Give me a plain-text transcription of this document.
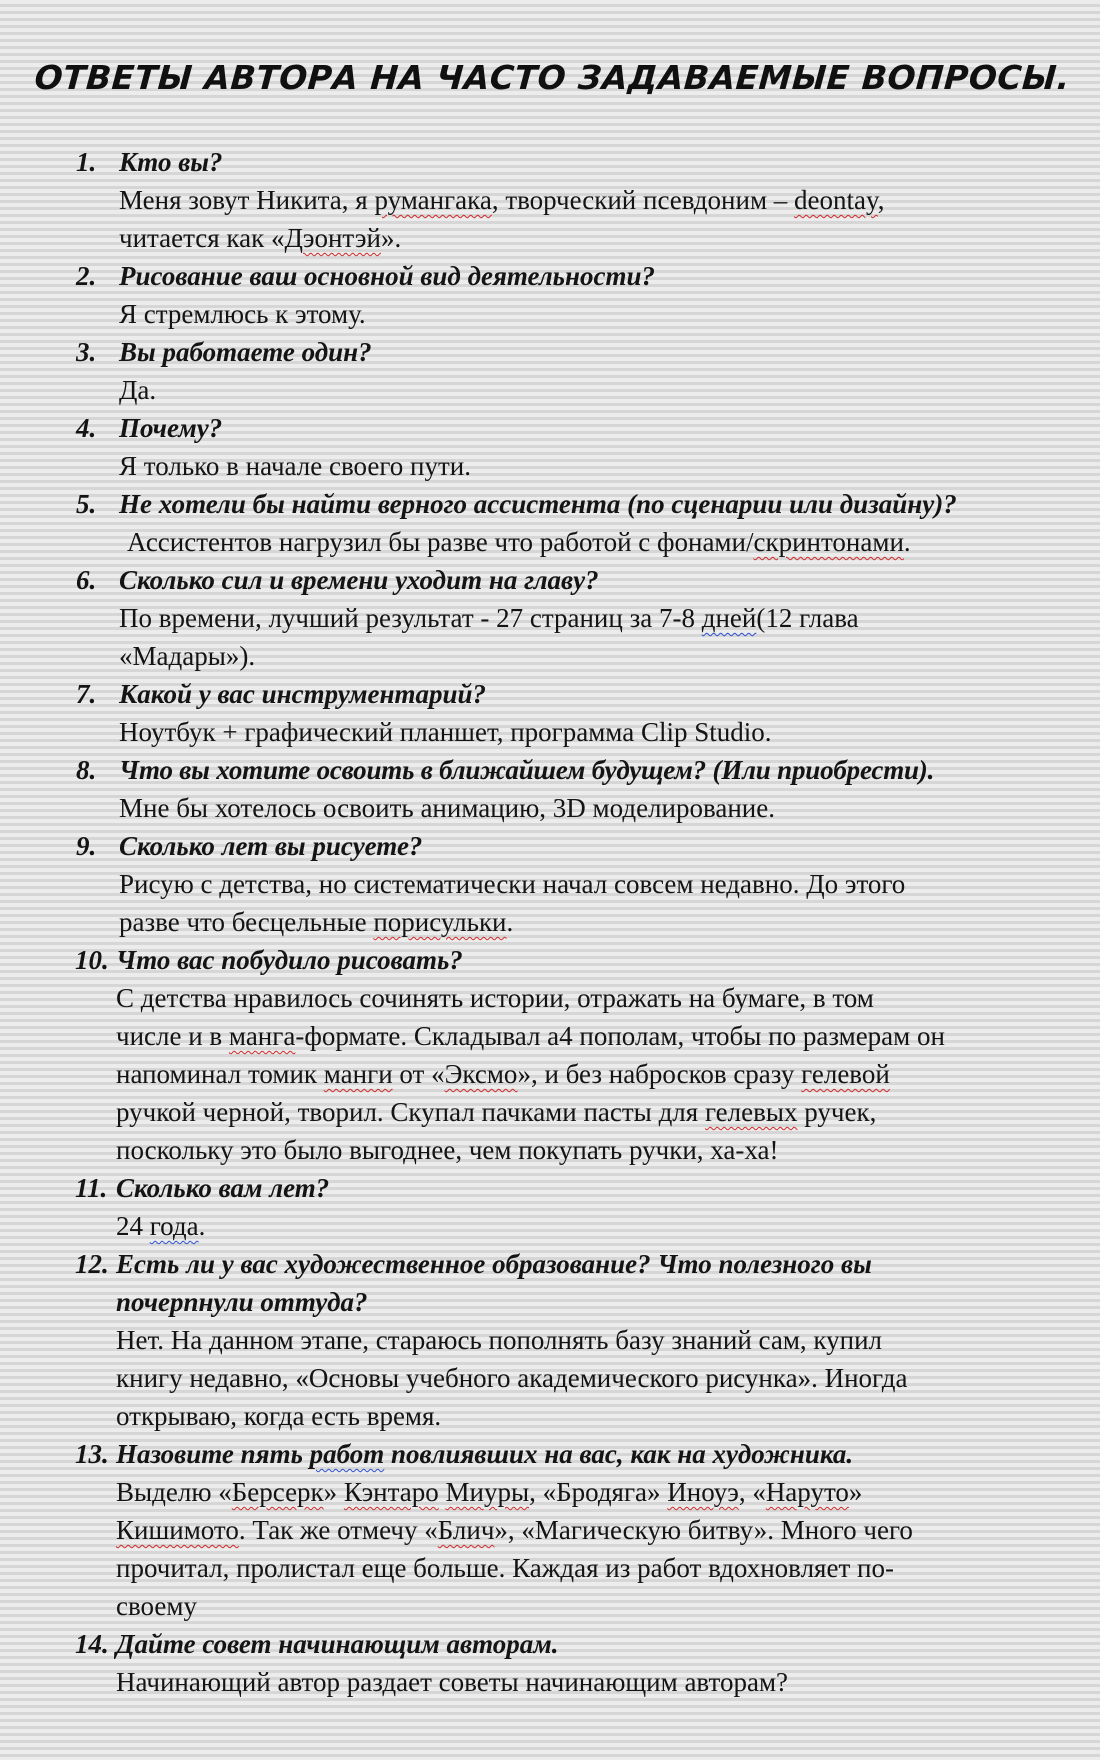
ОТВЕТЫ АВТОРА НА ЧАСТО ЗАДАВАЕМЫЕ ВОПРОСЫ.
1. Кто вы?

Меня зовут Никита, я румангака, творческий псевдоним – deontay,
читается как «Дэонтэй».

2. Рисование ваш основной вид деятельности?

Я стремлюсь к этому.

3. Вы работаете один?

Да.

4. Почему?

Я только в начале своего пути.

5. Не хотели бы найти верного ассистента (по сценарии или дизайну)?

Ассистентов нагрузил бы разве что работой с фонами/скринтонами.

6. Сколько сил и времени уходит на главу?

По времени, лучший результат - 27 страниц за 7-8 дней(12 глава
«Мадары»).

7. Какой у вас инструментарий?

Ноутбук + графический планшет, программа Clip Studio.

8. Что вы хотите освоить в ближайшем будущем? (Или приобрести).

Мне бы хотелось освоить анимацию, 3D моделирование.

9. Сколько лет вы рисуете?

Рисую с детства, но систематически начал совсем недавно. До этого
разве что бесцельные порисульки.

10. Что вас побудило рисовать?

С детства нравилось сочинять истории, отражать на бумаге, в том
числе и в манга-формате. Складывал а4 пополам, чтобы по размерам он
напоминал томик манги от «Эксмо», и без набросков сразу гелевой
ручкой черной, творил. Скупал пачками пасты для гелевых ручек,
поскольку это было выгоднее, чем покупать ручки, ха-ха!

11. Сколько вам лет?

24 года.

12. Есть ли у вас художественное образование? Что полезного вы
почерпнули оттуда?

Нет. На данном этапе, стараюсь пополнять базу знаний сам, купил
книгу недавно, «Основы учебного академического рисунка». Иногда
открываю, когда есть время.

13. Назовите пять работ повлиявших на вас, как на художника.

Выделю «Берсерк» Кэнтаро Миуры, «Бродяга» Иноуэ, «Наруто»
Кишимото. Так же отмечу «Блич», «Магическую битву». Много чего
прочитал, пролистал еще больше. Каждая из работ вдохновляет по-
своему

14. Дайте совет начинающим авторам.

Начинающий автор раздает советы начинающим авторам?
